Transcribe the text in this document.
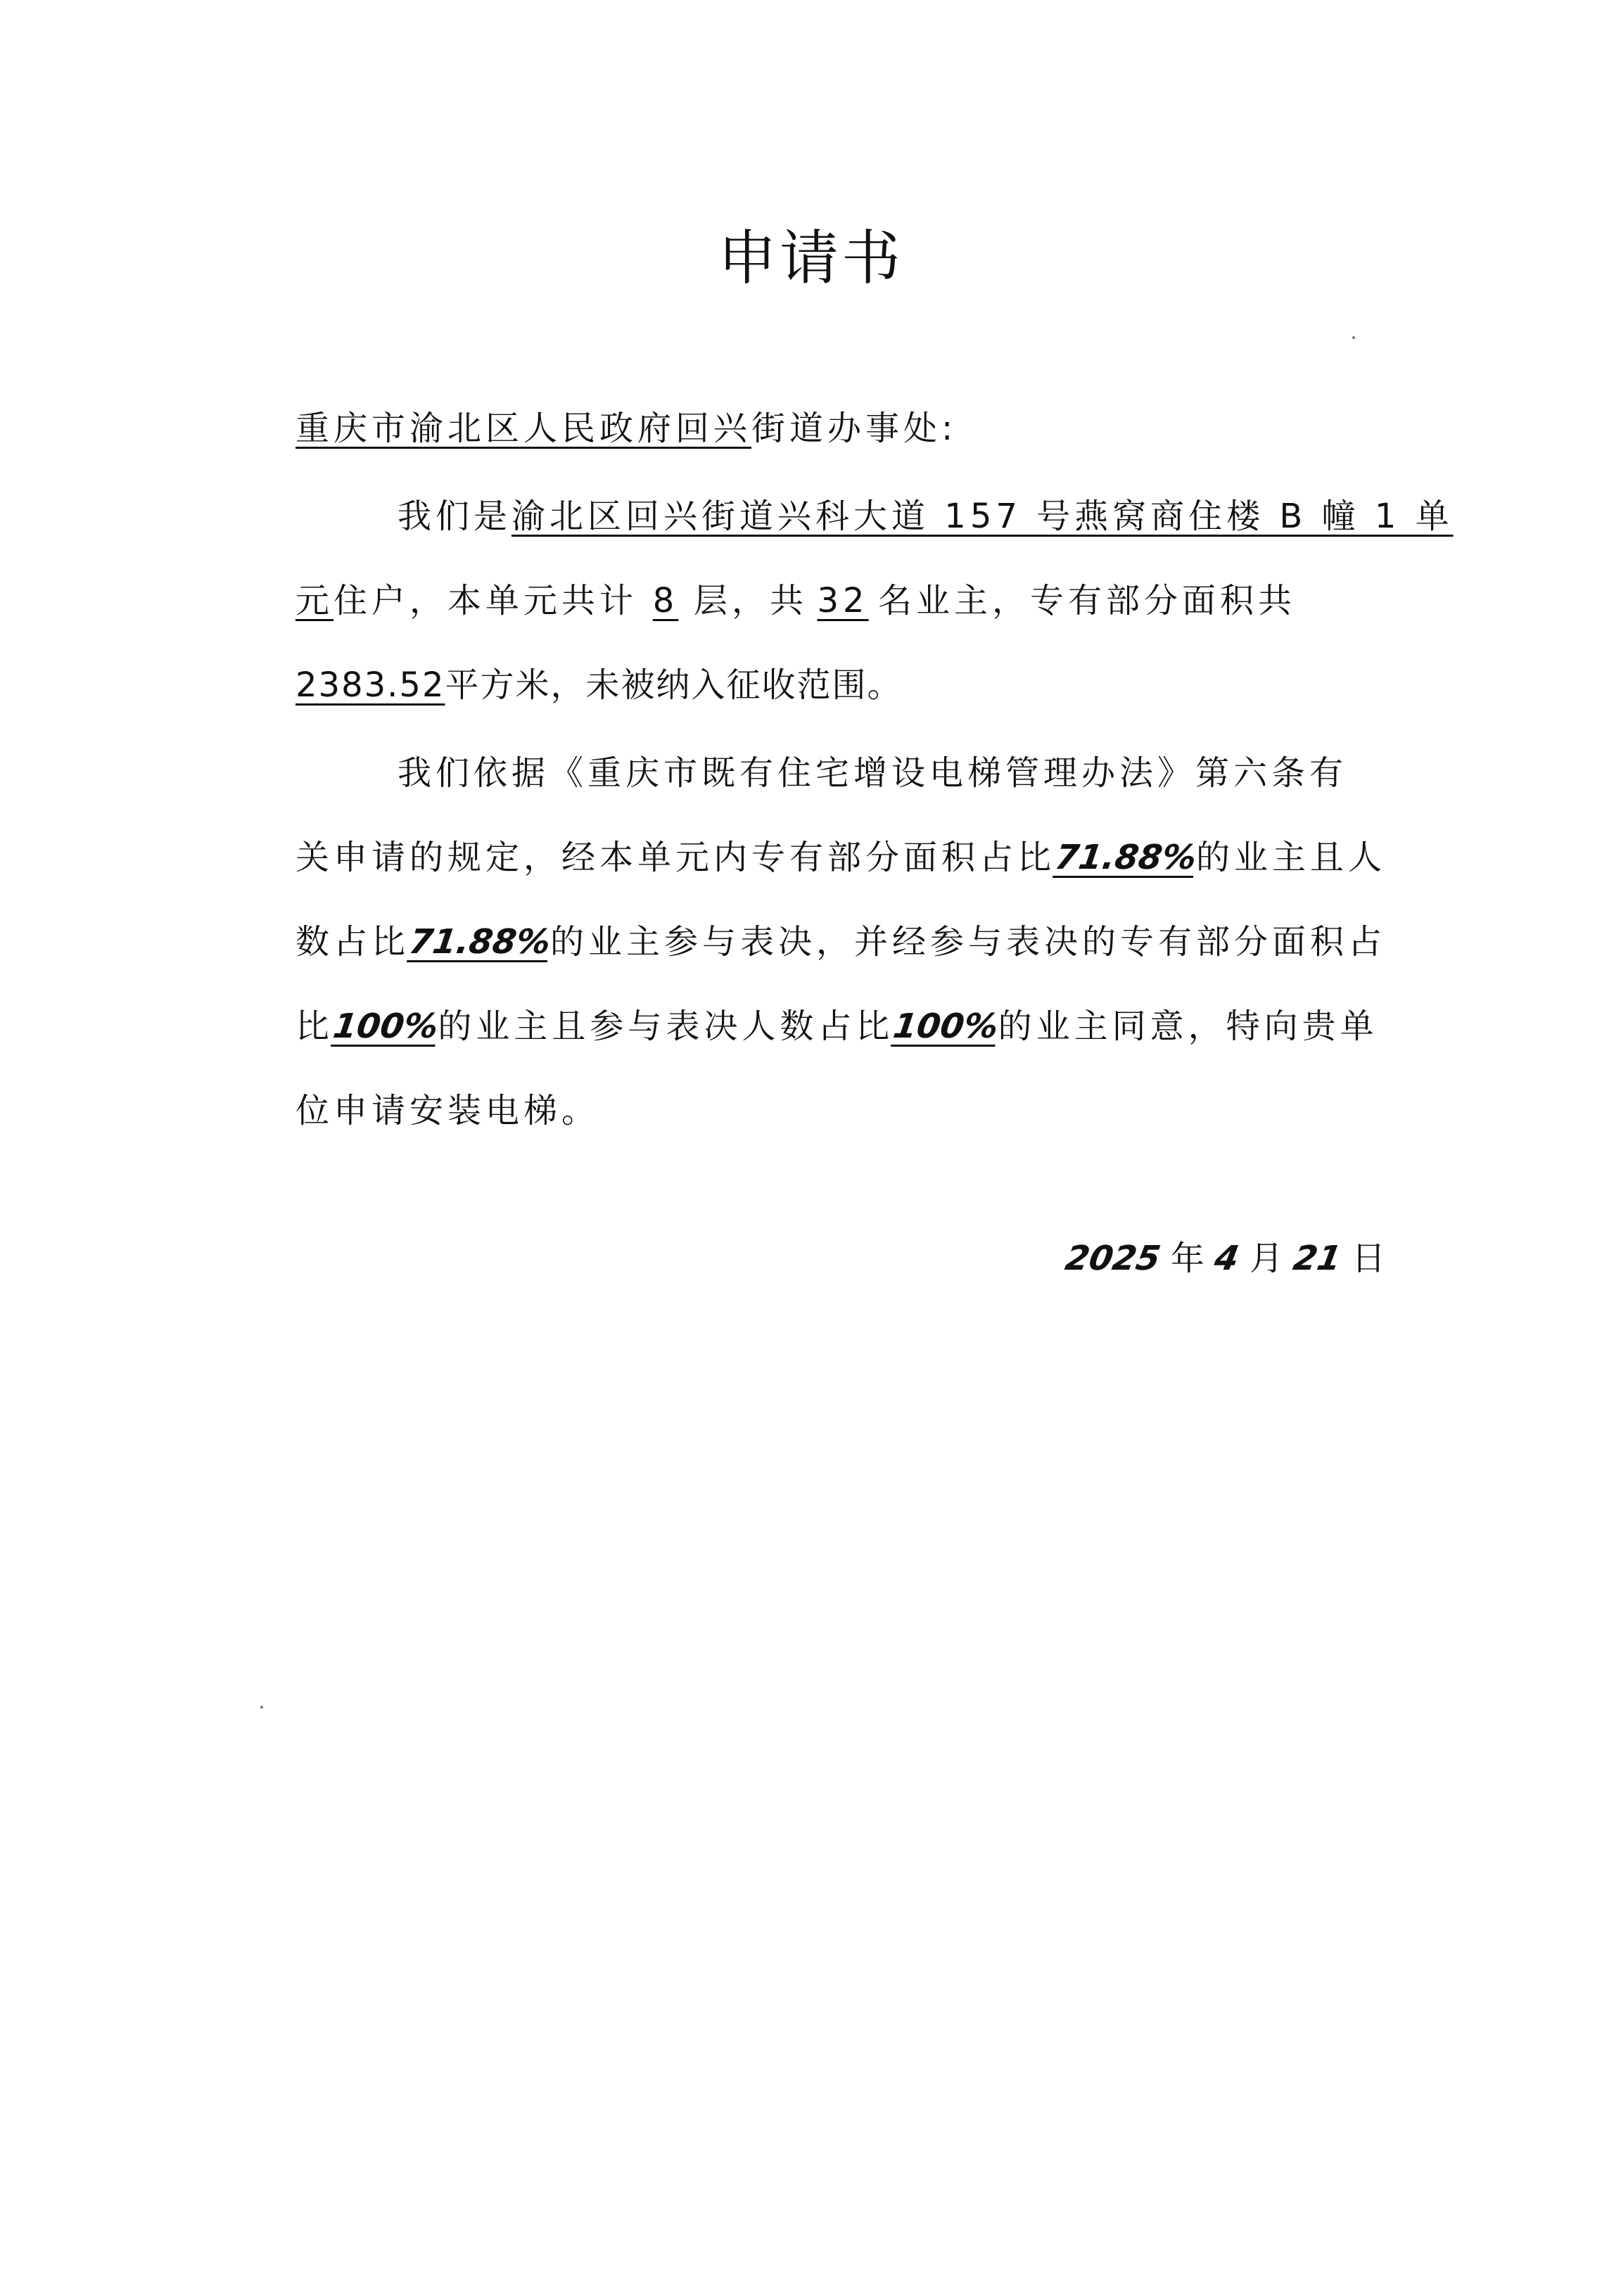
申请书
重庆市渝北区人民政府回兴街道办事处:
我们是渝北区回兴街道兴科大道 157 号燕窝商住楼 B 幢 1 单
元住户，本单元共计 8 层，共 32 名业主，专有部分面积共
2383.52平方米，未被纳入征收范围。
我们依据《重庆市既有住宅增设电梯管理办法》第六条有
关申请的规定，经本单元内专有部分面积占比71.88%的业主且人
数占比71.88%的业主参与表决，并经参与表决的专有部分面积占
比100%的业主且参与表决人数占比100%的业主同意，特向贵单
位申请安装电梯。
2025 年 4 月 21 日
